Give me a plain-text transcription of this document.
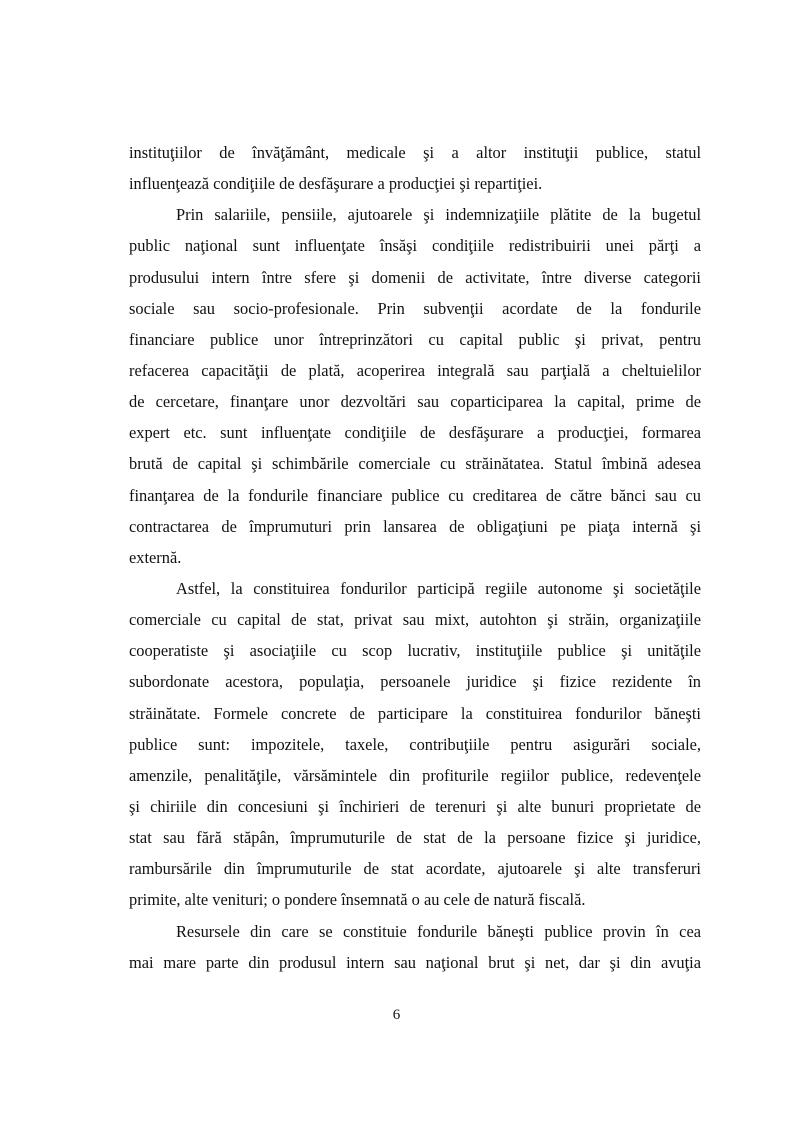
instituţiilor de învăţământ, medicale şi a altor instituţii publice, statul
influenţează condiţiile de desfăşurare a producţiei şi repartiţiei.
Prin salariile, pensiile, ajutoarele şi indemnizaţiile plătite de la bugetul
public naţional sunt influenţate însăşi condiţiile redistribuirii unei părţi a
produsului intern între sfere şi domenii de activitate, între diverse categorii
sociale sau socio-profesionale. Prin subvenţii acordate de la fondurile
financiare publice unor întreprinzători cu capital public şi privat, pentru
refacerea capacităţii de plată, acoperirea integrală sau parţială a cheltuielilor
de cercetare, finanţare unor dezvoltări sau coparticiparea la capital, prime de
expert etc. sunt influenţate condiţiile de desfăşurare a producţiei, formarea
brută de capital şi schimbările comerciale cu străinătatea. Statul îmbină adesea
finanţarea de la fondurile financiare publice cu creditarea de către bănci sau cu
contractarea de împrumuturi prin lansarea de obligaţiuni pe piaţa internă şi
externă.
Astfel, la constituirea fondurilor participă regiile autonome şi societăţile
comerciale cu capital de stat, privat sau mixt, autohton şi străin, organizaţiile
cooperatiste şi asociaţiile cu scop lucrativ, instituţiile publice şi unităţile
subordonate acestora, populaţia, persoanele juridice şi fizice rezidente în
străinătate. Formele concrete de participare la constituirea fondurilor băneşti
publice sunt: impozitele, taxele, contribuţiile pentru asigurări sociale,
amenzile, penalităţile, vărsămintele din profiturile regiilor publice, redevenţele
şi chiriile din concesiuni şi închirieri de terenuri şi alte bunuri proprietate de
stat sau fără stăpân, împrumuturile de stat de la persoane fizice şi juridice,
rambursările din împrumuturile de stat acordate, ajutoarele şi alte transferuri
primite, alte venituri; o pondere însemnată o au cele de natură fiscală.
Resursele din care se constituie fondurile băneşti publice provin în cea
mai mare parte din produsul intern sau naţional brut şi net, dar şi din avuţia
6
